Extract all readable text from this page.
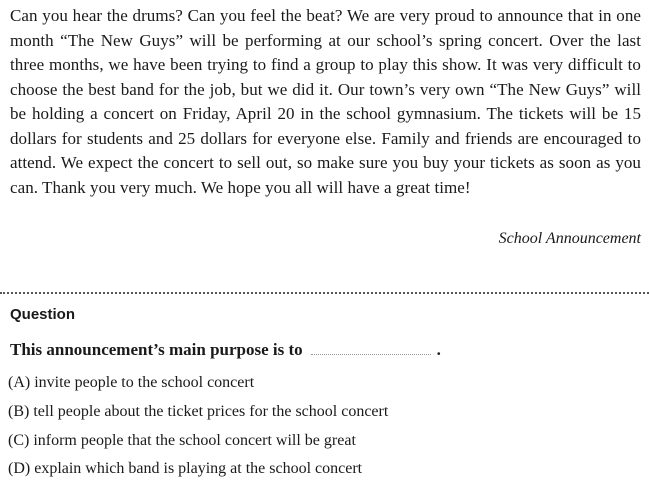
Can you hear the drums? Can you feel the beat? We are very proud to announce that in one month “The New Guys” will be performing at our school’s spring concert. Over the last three months, we have been trying to find a group to play this show. It was very difficult to choose the best band for the job, but we did it. Our town’s very own “The New Guys” will be holding a concert on Friday, April 20 in the school gymnasium. The tickets will be 15 dollars for students and 25 dollars for everyone else. Family and friends are encouraged to attend. We expect the concert to sell out, so make sure you buy your tickets as soon as you can. Thank you very much. We hope you all will have a great time!
School Announcement
Question
This announcement’s main purpose is to	.
(A) invite people to the school concert
(B) tell people about the ticket prices for the school concert
(C) inform people that the school concert will be great
(D) explain which band is playing at the school concert
